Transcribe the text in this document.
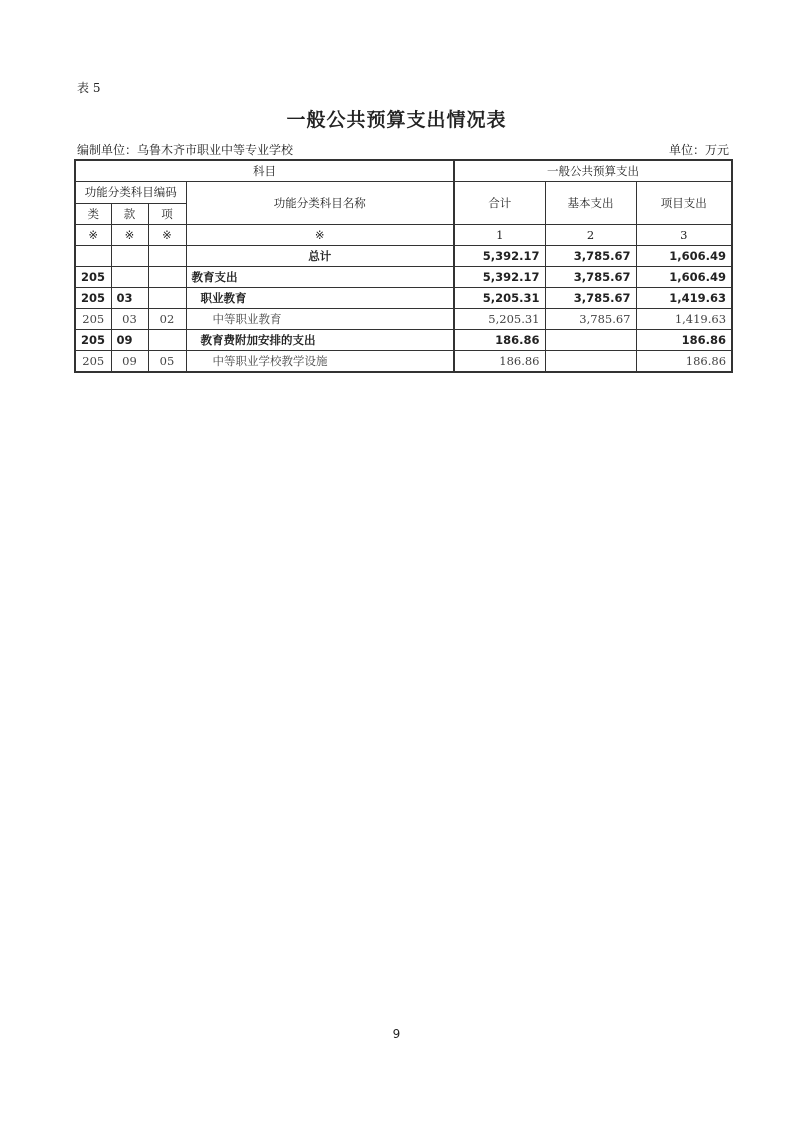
表 5
一般公共预算支出情况表
编制单位：乌鲁木齐市职业中等专业学校	单位：万元
科目				一般公共预算支出		
功能分类科目编码			功能分类科目名称	合计	基本支出	项目支出
类	款	项				
※	※	※	※	1	2	3
			总计	5,392.17	3,785.67	1,606.49
205			教育支出	5,392.17	3,785.67	1,606.49
205	03		职业教育	5,205.31	3,785.67	1,419.63
205	03	02	中等职业教育	5,205.31	3,785.67	1,419.63
205	09		教育费附加安排的支出	186.86		186.86
205	09	05	中等职业学校教学设施	186.86		186.86
9
